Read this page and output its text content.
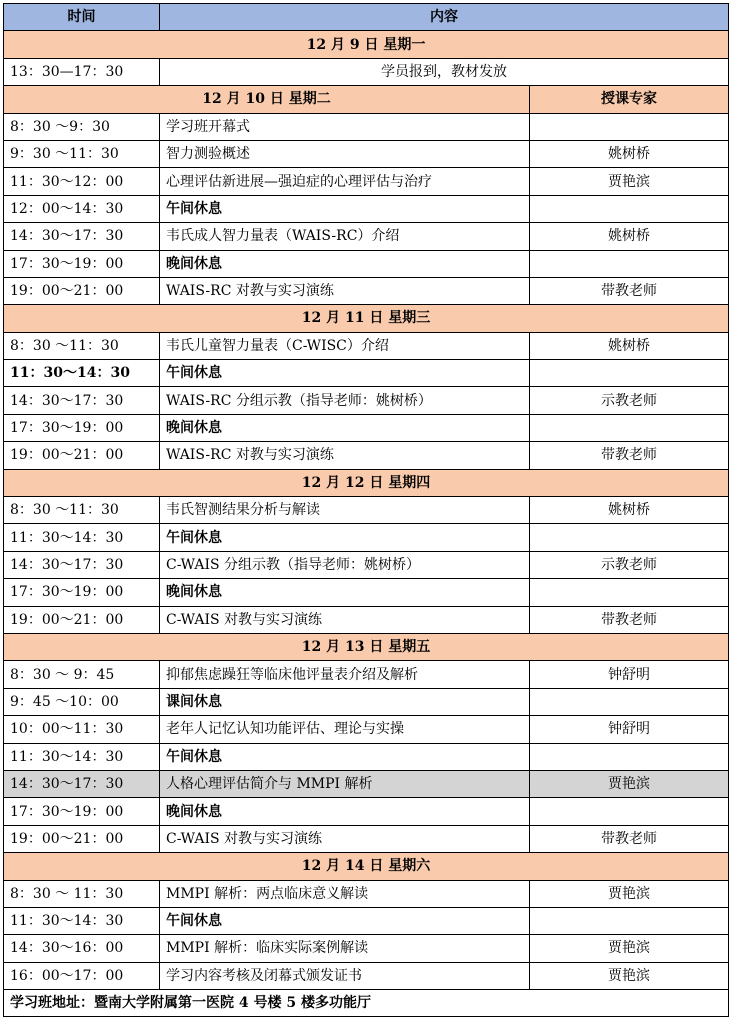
时间	内容	
12 月 9 日 星期一		
13：30—17：30	学员报到，教材发放	
12 月 10 日 星期二		授课专家
8：30 ～9：30	学习班开幕式	
9：30 ～11：30	智力测验概述	姚树桥
11：30～12：00	心理评估新进展—强迫症的心理评估与治疗	贾艳滨
12：00～14：30	午间休息	
14：30～17：30	韦氏成人智力量表（WAIS-RC）介绍	姚树桥
17：30～19：00	晚间休息	
19：00～21：00	WAIS-RC 对教与实习演练	带教老师
12 月 11 日 星期三		
8：30 ～11：30	韦氏儿童智力量表（C-WISC）介绍	姚树桥
11：30～14：30	午间休息	
14：30～17：30	WAIS-RC 分组示教（指导老师：姚树桥）	示教老师
17：30～19：00	晚间休息	
19：00～21：00	WAIS-RC 对教与实习演练	带教老师
12 月 12 日 星期四		
8：30 ～11：30	韦氏智测结果分析与解读	姚树桥
11：30～14：30	午间休息	
14：30～17：30	C-WAIS 分组示教（指导老师：姚树桥）	示教老师
17：30～19：00	晚间休息	
19：00～21：00	C-WAIS 对教与实习演练	带教老师
12 月 13 日 星期五		
8：30 ～ 9：45	抑郁焦虑躁狂等临床他评量表介绍及解析	钟舒明
9：45 ～10：00	课间休息	
10：00～11：30	老年人记忆认知功能评估、理论与实操	钟舒明
11：30～14：30	午间休息	
14：30～17：30	人格心理评估简介与 MMPI 解析	贾艳滨
17：30～19：00	晚间休息	
19：00～21：00	C-WAIS 对教与实习演练	带教老师
12 月 14 日 星期六		
8：30 ～ 11：30	MMPI 解析：两点临床意义解读	贾艳滨
11：30～14：30	午间休息	
14：30～16：00	MMPI 解析：临床实际案例解读	贾艳滨
16：00～17：00	学习内容考核及闭幕式颁发证书	贾艳滨
学习班地址：暨南大学附属第一医院 4 号楼 5 楼多功能厅		
